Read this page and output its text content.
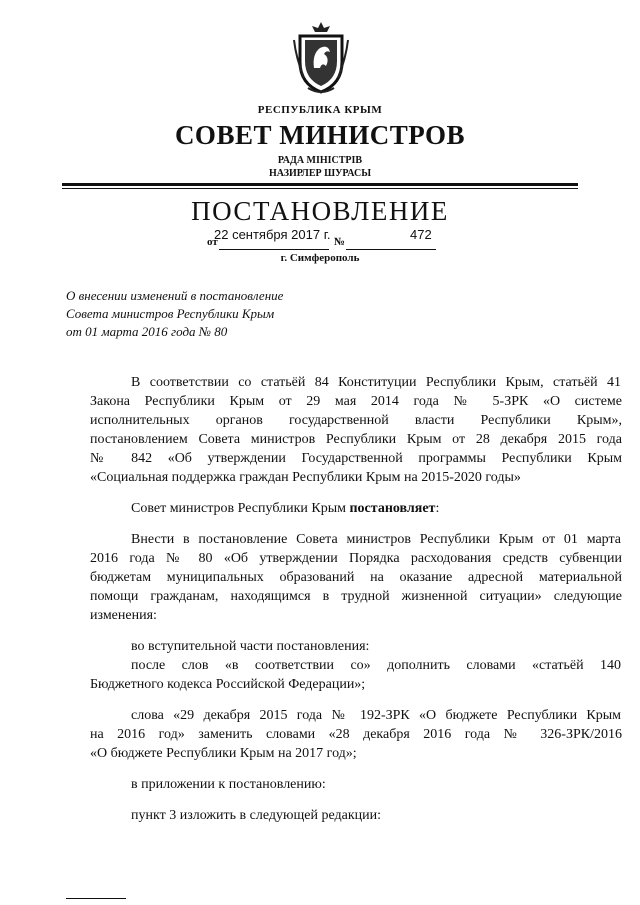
РЕСПУБЛИКА КРЫМ
СОВЕТ МИНИСТРОВ
РАДА МІНІСТРІВ
НАЗИРЛЕР ШУРАСЫ
ПОСТАНОВЛЕНИЕ
22 сентября 2017 г.	472
от	№
г. Симферополь
О внесении изменений в постановление
Совета министров Республики Крым
от 01 марта 2016 года № 80
В соответствии со статьёй 84 Конституции Республики Крым, статьёй 41
Закона Республики Крым от 29 мая 2014 года № 5-ЗРК «О системе
исполнительных органов государственной власти Республики Крым»,
постановлением Совета министров Республики Крым от 28 декабря 2015 года
№ 842 «Об утверждении Государственной программы Республики Крым
«Социальная поддержка граждан Республики Крым на 2015-2020 годы»
Совет министров Республики Крым постановляет:
Внести в постановление Совета министров Республики Крым от 01 марта
2016 года № 80 «Об утверждении Порядка расходования средств субвенции
бюджетам муниципальных образований на оказание адресной материальной
помощи гражданам, находящимся в трудной жизненной ситуации» следующие
изменения:
во вступительной части постановления:
после слов «в соответствии со» дополнить словами «статьёй 140
Бюджетного кодекса Российской Федерации»;
слова «29 декабря 2015 года № 192-ЗРК «О бюджете Республики Крым
на 2016 год» заменить словами «28 декабря 2016 года № 326-ЗРК/2016
«О бюджете Республики Крым на 2017 год»;
в приложении к постановлению:
пункт 3 изложить в следующей редакции:
